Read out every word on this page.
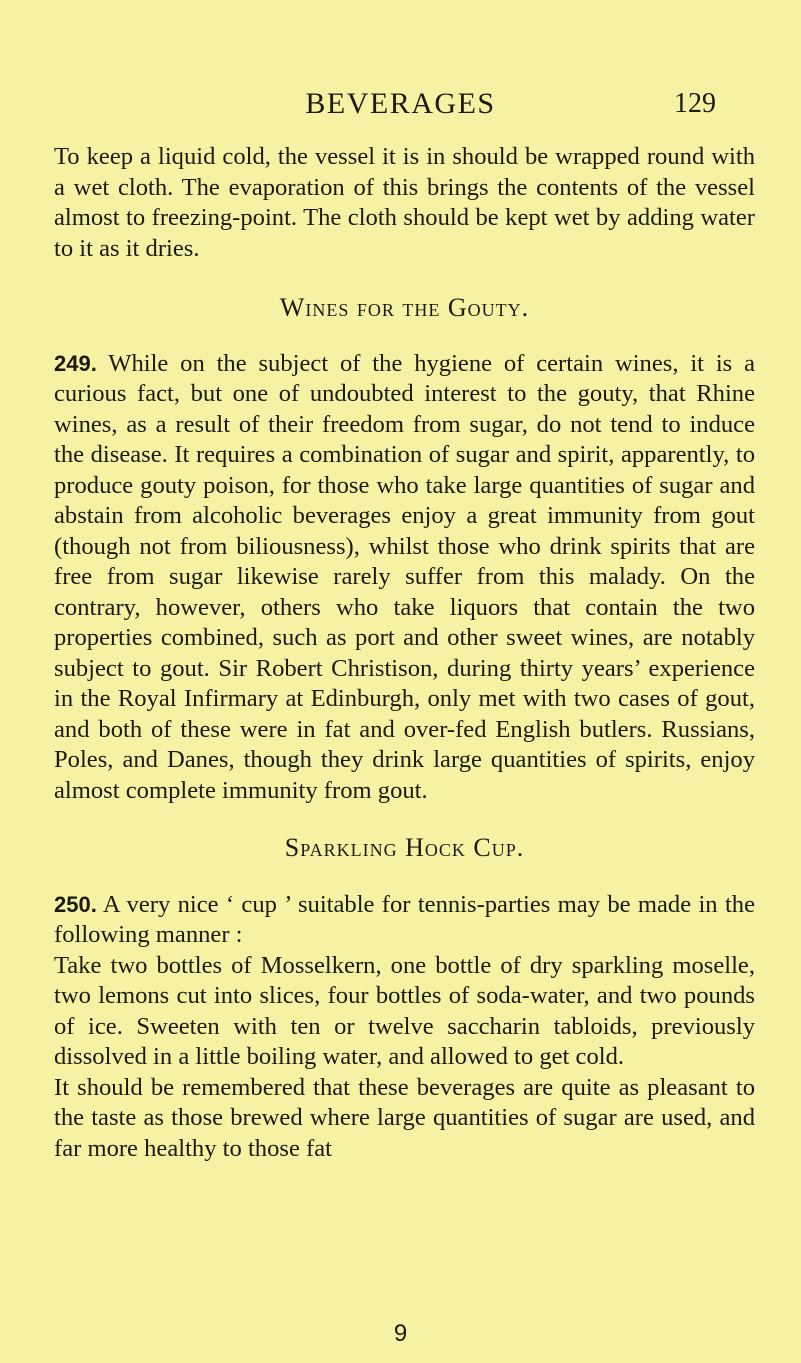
BEVERAGES	129

To keep a liquid cold, the vessel it is in should be wrapped round with a wet cloth. The evaporation of this brings the contents of the vessel almost to freezing-point. The cloth should be kept wet by adding water to it as it dries.

Wines for the Gouty.

249. While on the subject of the hygiene of certain wines, it is a curious fact, but one of undoubted interest to the gouty, that Rhine wines, as a result of their freedom from sugar, do not tend to induce the disease. It requires a combination of sugar and spirit, apparently, to produce gouty poison, for those who take large quantities of sugar and abstain from alcoholic beverages enjoy a great immunity from gout (though not from biliousness), whilst those who drink spirits that are free from sugar likewise rarely suffer from this malady. On the contrary, however, others who take liquors that contain the two properties combined, such as port and other sweet wines, are notably subject to gout. Sir Robert Christison, during thirty years’ experience in the Royal Infirmary at Edinburgh, only met with two cases of gout, and both of these were in fat and over-fed English butlers. Russians, Poles, and Danes, though they drink large quantities of spirits, enjoy almost complete immunity from gout.

Sparkling Hock Cup.

250. A very nice ‘ cup ’ suitable for tennis-parties may be made in the following manner :

Take two bottles of Mosselkern, one bottle of dry sparkling moselle, two lemons cut into slices, four bottles of soda-water, and two pounds of ice. Sweeten with ten or twelve saccharin tabloids, previously dissolved in a little boiling water, and allowed to get cold.

It should be remembered that these beverages are quite as pleasant to the taste as those brewed where large quantities of sugar are used, and far more healthy to those fat

9
